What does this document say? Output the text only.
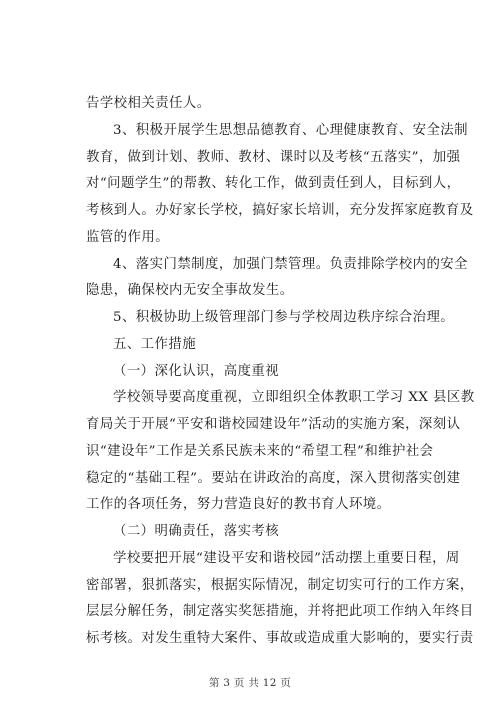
告学校相关责任人。
3、积极开展学生思想品德教育、心理健康教育、安全法制
教育，做到计划、教师、教材、课时以及考核“五落实”，加强
对“问题学生”的帮教、转化工作，做到责任到人，目标到人，
考核到人。办好家长学校，搞好家长培训，充分发挥家庭教育及
监管的作用。
4、落实门禁制度，加强门禁管理。负责排除学校内的安全
隐患，确保校内无安全事故发生。
5、积极协助上级管理部门参与学校周边秩序综合治理。
五、工作措施
（一）深化认识，高度重视
学校领导要高度重视，立即组织全体教职工学习 XX 县区教
育局关于开展“平安和谐校园建设年”活动的实施方案，深刻认
识“建设年”工作是关系民族未来的“希望工程”和维护社会
稳定的“基础工程”。要站在讲政治的高度，深入贯彻落实创建
工作的各项任务，努力营造良好的教书育人环境。
（二）明确责任，落实考核
学校要把开展“建设平安和谐校园”活动摆上重要日程，周
密部署，狠抓落实，根据实际情况，制定切实可行的工作方案，
层层分解任务，制定落实奖惩措施，并将把此项工作纳入年终目
标考核。对发生重特大案件、事故或造成重大影响的，要实行责
第 3 页 共 12 页
